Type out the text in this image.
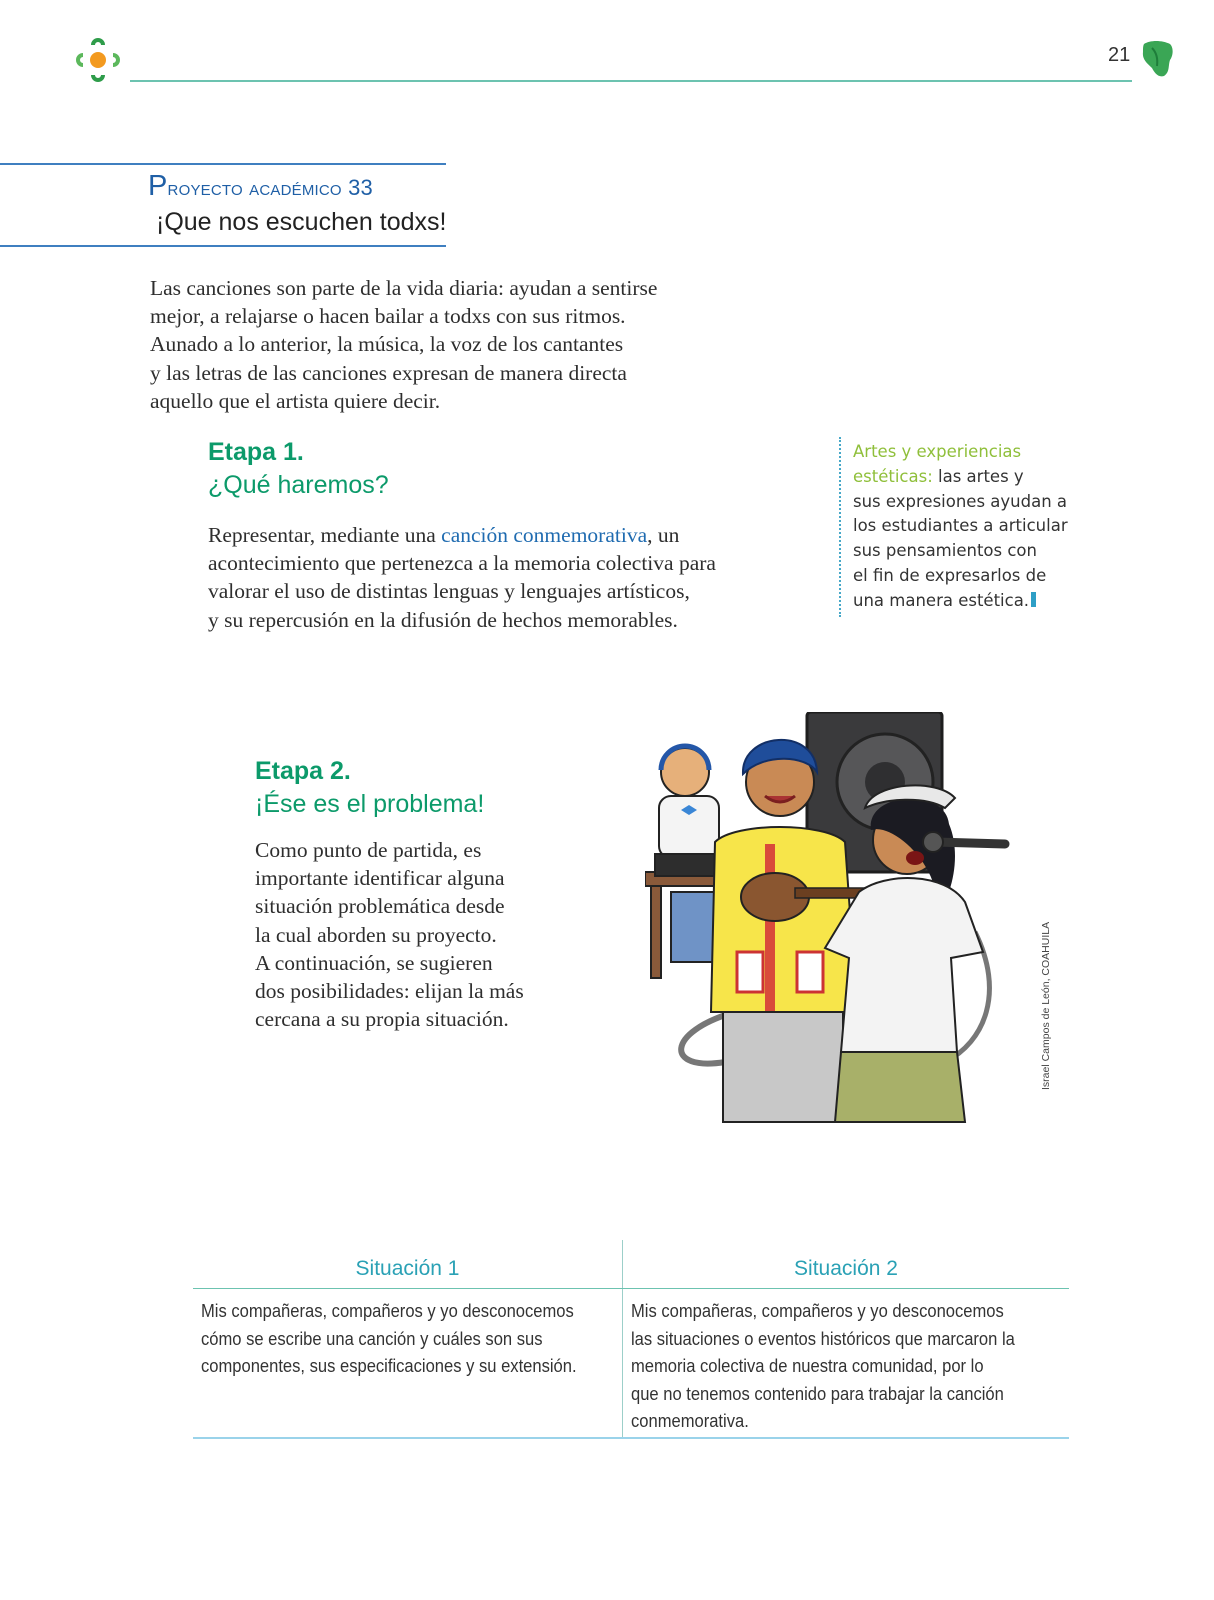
21
Proyecto académico 33
¡Que nos escuchen todxs!
Las canciones son parte de la vida diaria: ayudan a sentirse
mejor, a relajarse o hacen bailar a todxs con sus ritmos.
Aunado a lo anterior, la música, la voz de los cantantes
y las letras de las canciones expresan de manera directa
aquello que el artista quiere decir.
Etapa 1.
¿Qué haremos?
Representar, mediante una canción conmemorativa, un
acontecimiento que pertenezca a la memoria colectiva para
valorar el uso de distintas lenguas y lenguajes artísticos,
y su repercusión en la difusión de hechos memorables.
Artes y experiencias
estéticas: las artes y
sus expresiones ayudan a
los estudiantes a articular
sus pensamientos con
el fin de expresarlos de
una manera estética.
Etapa 2.
¡Ése es el problema!
Como punto de partida, es
importante identificar alguna
situación problemática desde
la cual aborden su proyecto.
A continuación, se sugieren
dos posibilidades: elijan la más
cercana a su propia situación.	Israel Campos de León, COAHUILA
Situación 1	Situación 2
Mis compañeras, compañeros y yo desconocemos
cómo se escribe una canción y cuáles son sus
componentes, sus especificaciones y su extensión.
Mis compañeras, compañeros y yo desconocemos
las situaciones o eventos históricos que marcaron la
memoria colectiva de nuestra comunidad, por lo
que no tenemos contenido para trabajar la canción
conmemorativa.
